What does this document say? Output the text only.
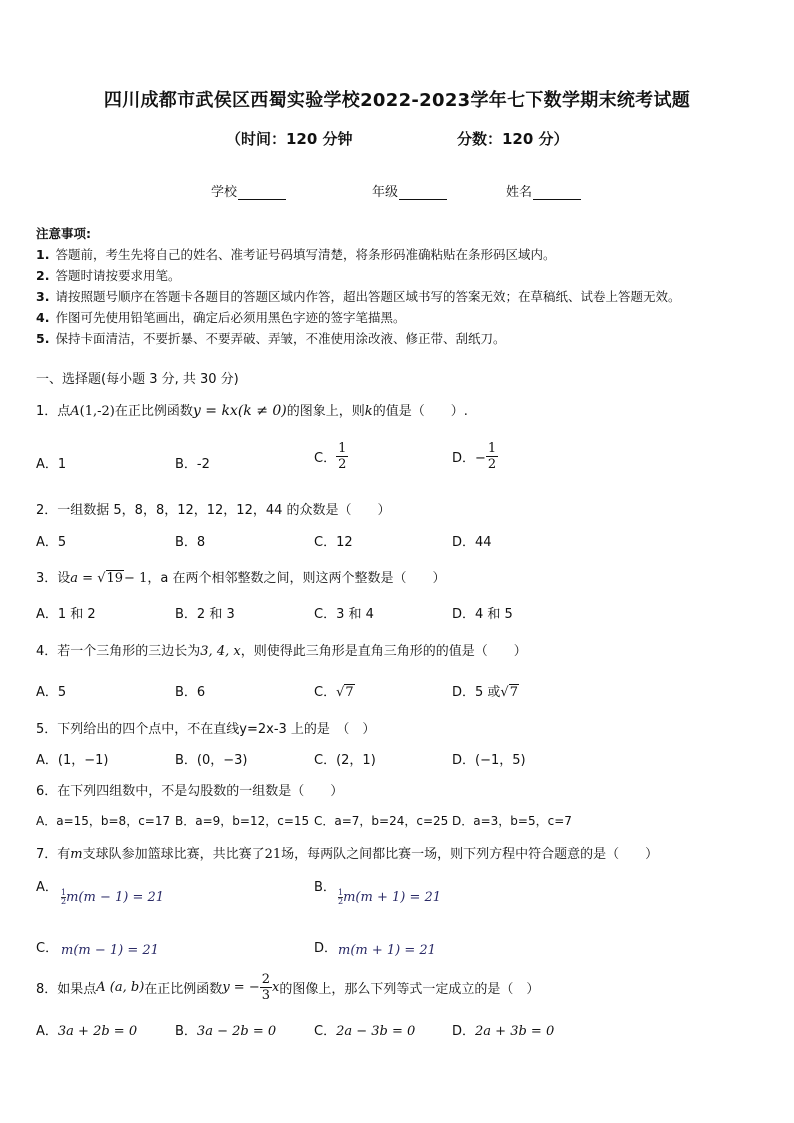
四川成都市武侯区西蜀实验学校2022-2023学年七下数学期末统考试题
（时间：120 分钟	分数：120 分）
学校	年级	姓名
注意事项:
1. 答题前，考生先将自己的姓名、准考证号码填写清楚，将条形码准确粘贴在条形码区域内。
2. 答题时请按要求用笔。
3. 请按照题号顺序在答题卡各题目的答题区域内作答，超出答题区域书写的答案无效；在草稿纸、试卷上答题无效。
4. 作图可先使用铅笔画出，确定后必须用黑色字迹的签字笔描黑。
5. 保持卡面清洁，不要折暴、不要弄破、弄皱，不准使用涂改液、修正带、刮纸刀。
一、选择题(每小题 3 分, 共 30 分)
1．点A(1,-2)在正比例函数y = kx(k ≠ 0)的图象上，则k的值是（　　）.
A．1	B．-2	C． $\frac{1}{2}$	D．− $\frac{1}{2}$
2．一组数据 5，8，8，12，12，12，44 的众数是（　　）
A．5	B．8	C．12	D．44
3．设a = √19− 1，a 在两个相邻整数之间，则这两个整数是（　　）
A．1 和 2	B．2 和 3	C．3 和 4	D．4 和 5
4．若一个三角形的三边长为3, 4, x，则使得此三角形是直角三角形的的值是（　　）
A．5	B．6	C．√7	D．5 或√7
5．下列给出的四个点中，不在直线y=2x-3 上的是　（　）
A．(1，−1)	B．(0，−3)	C．(2，1)	D．(−1，5)
6．在下列四组数中，不是勾股数的一组数是（　　）
A．a=15，b=8，c=17 B．a=9，b=12，c=15 C．a=7，b=24，c=25 D．a=3，b=5，c=7
7．有m支球队参加篮球比赛，共比赛了21场，每两队之间都比赛一场，则下列方程中符合题意的是（　　）
A．
$\frac{1}{2}m(m - 1) = 21$
B．
$\frac{1}{2}m(m + 1) = 21$
C． m(m − 1) = 21	D． m(m + 1) = 21
8．如果点A (a, b)在正比例函数y = − $\frac{2}{3}$ x的图像上，那么下列等式一定成立的是（　）
A．3a + 2b = 0	B．3a − 2b = 0	C．2a − 3b = 0	D．2a + 3b = 0
